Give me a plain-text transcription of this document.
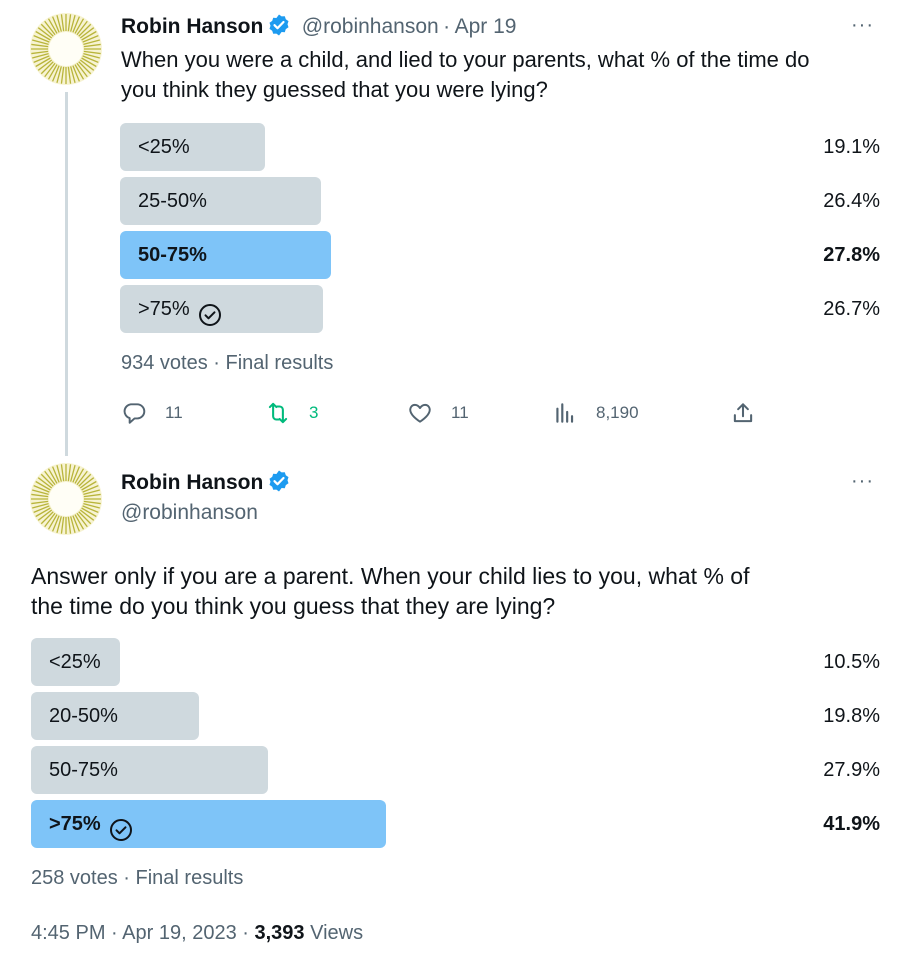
Robin Hanson @robinhanson · Apr 19	···
When you were a child, and lied to your parents, what % of the time do
you think they guessed that you were lying?
<25%	19.1%
25-50%	26.4%
50-75%	27.8%
>75%	26.7%
934 votes · Final results
11	3	11	8,190
Robin Hanson
@robinhanson
···
Answer only if you are a parent. When your child lies to you, what % of
the time do you think you guess that they are lying?
<25%	10.5%
20-50%	19.8%
50-75%	27.9%
>75%	41.9%
258 votes · Final results
4:45 PM · Apr 19, 2023 · 3,393 Views
